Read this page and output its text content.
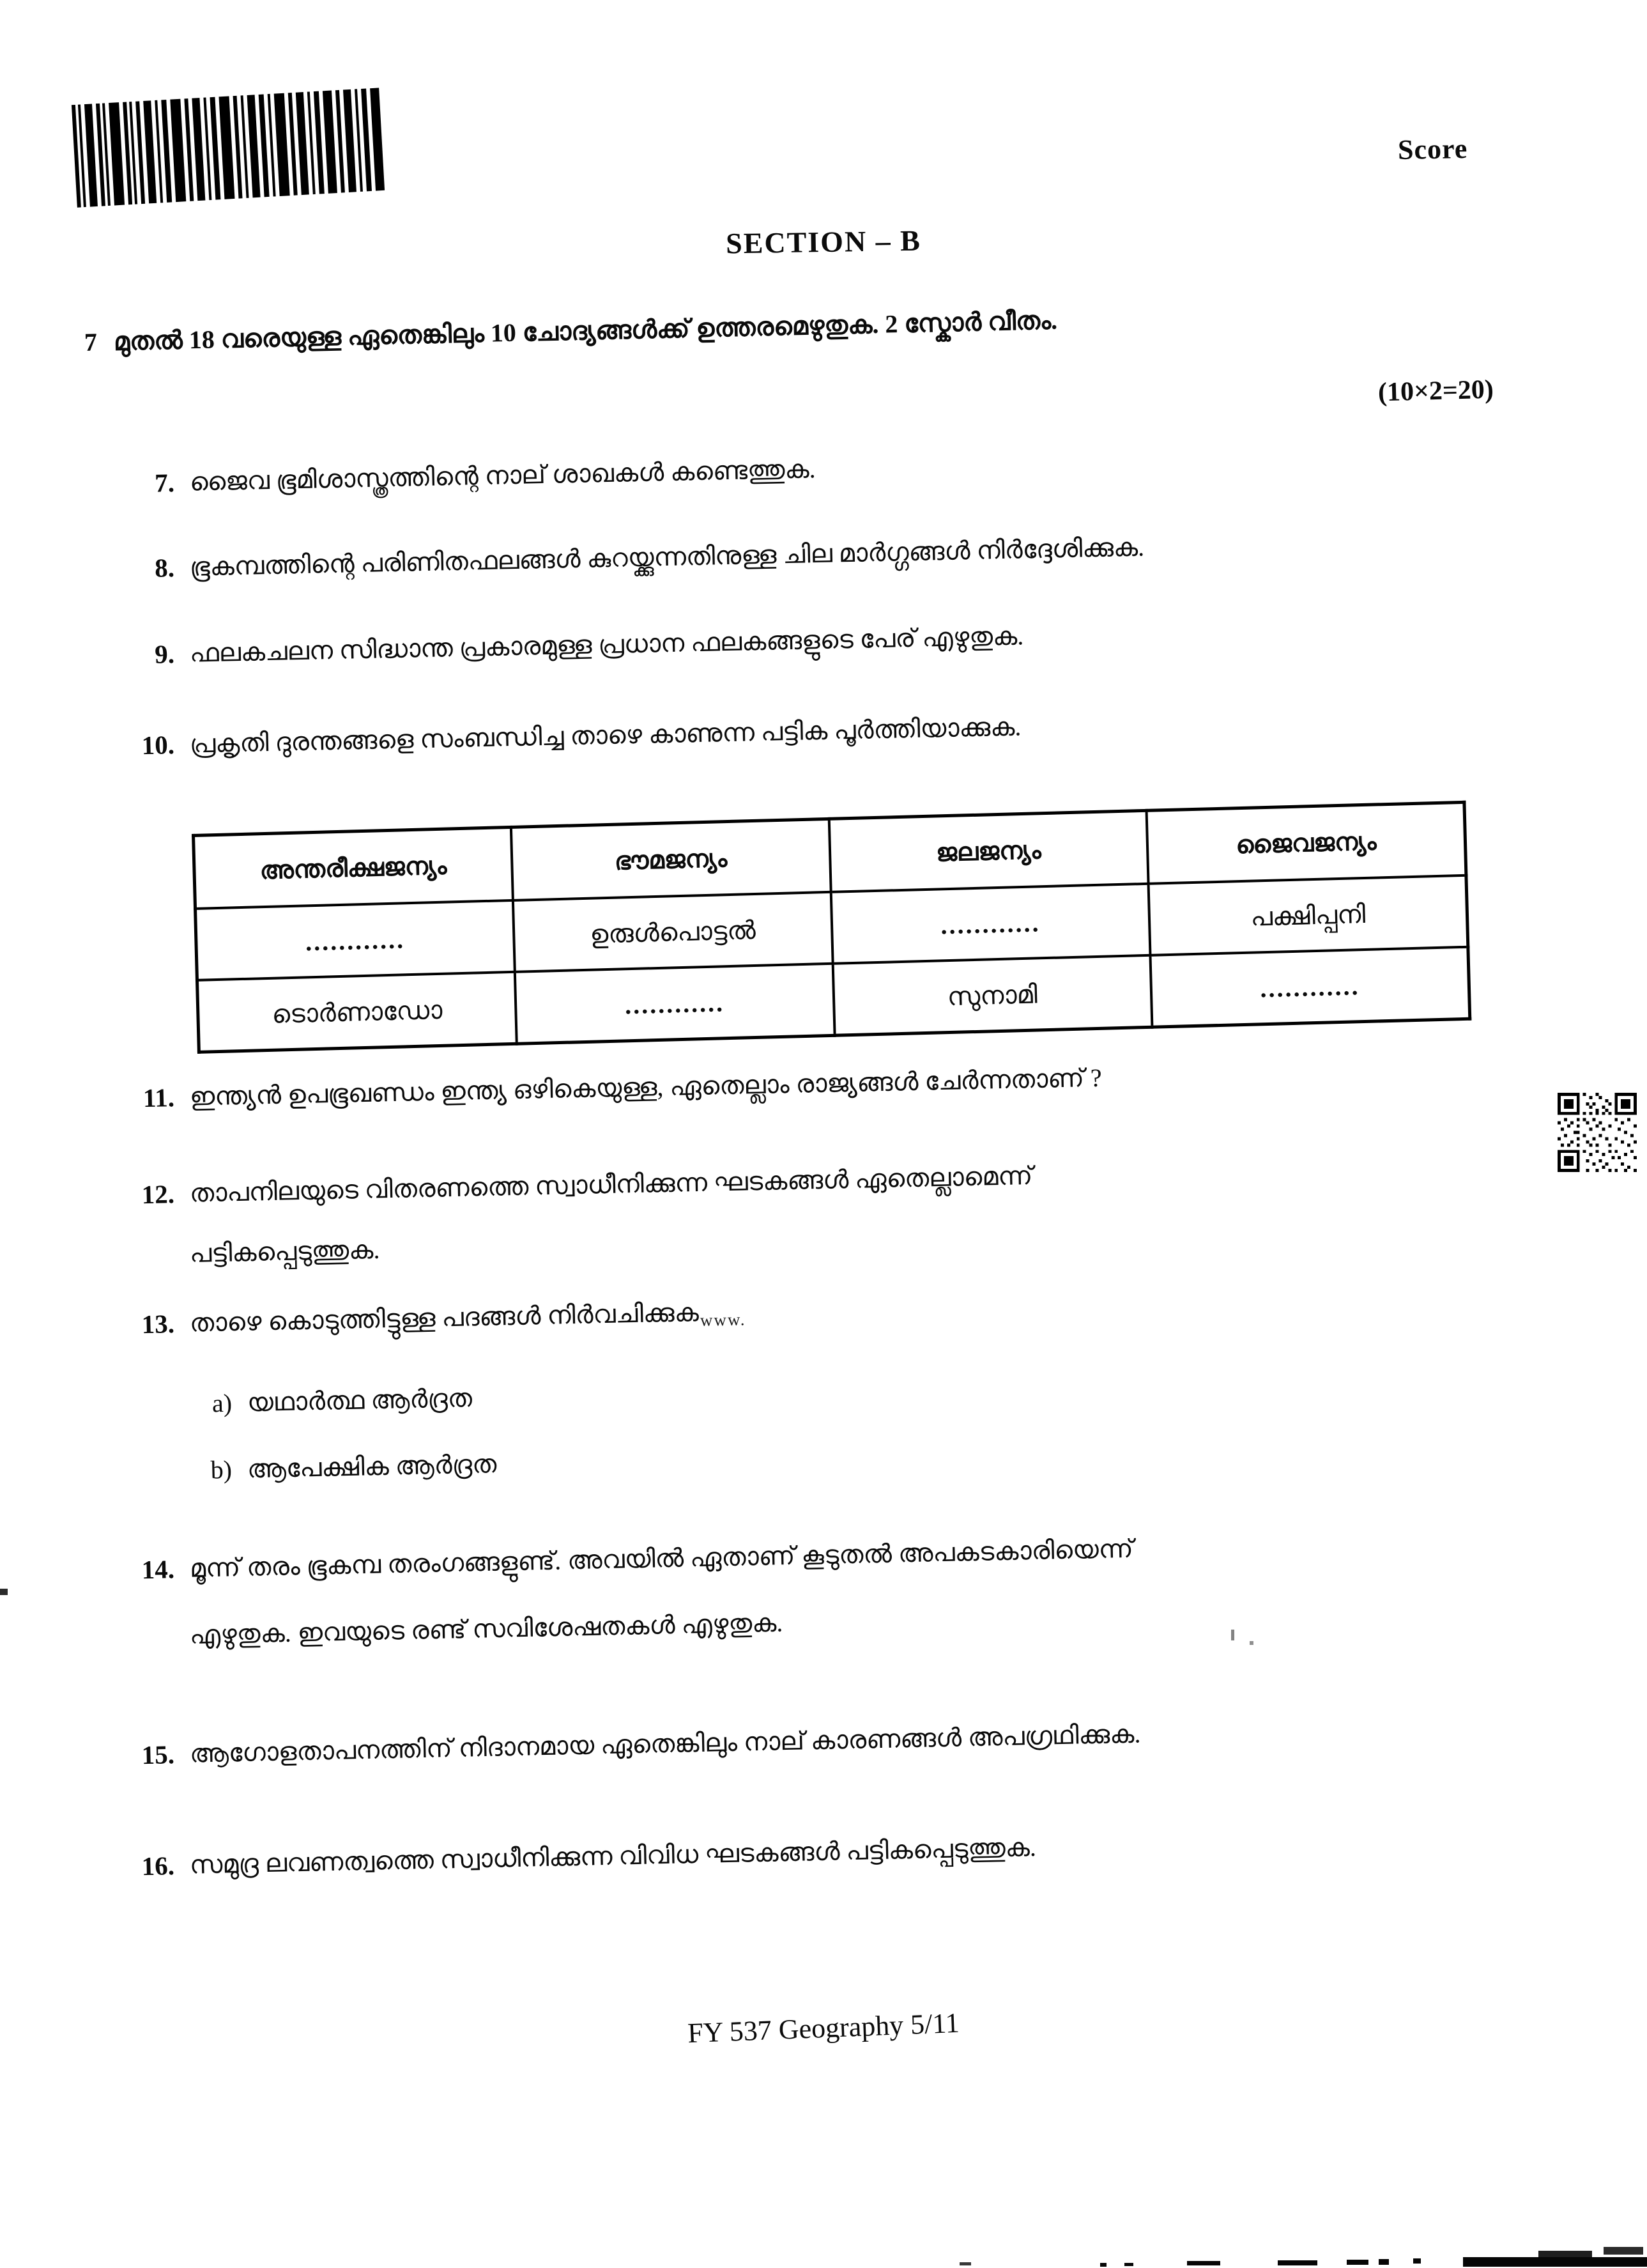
Score
SECTION – B
7 മുതൽ 18 വരെയുള്ള ഏതെങ്കിലും 10 ചോദ്യങ്ങൾക്ക് ഉത്തരമെഴുതുക. 2 സ്കോർ വീതം.
(10×2=20)
7. ജൈവ ഭൂമിശാസ്ത്രത്തിന്റെ നാല് ശാഖകൾ കണ്ടെത്തുക.
8. ഭൂകമ്പത്തിന്റെ പരിണിതഫലങ്ങൾ കുറയ്ക്കുന്നതിനുള്ള ചില മാർഗ്ഗങ്ങൾ നിർദ്ദേശിക്കുക.
9. ഫലകചലന സിദ്ധാന്ത പ്രകാരമുള്ള പ്രധാന ഫലകങ്ങളുടെ പേര് എഴുതുക.
10. പ്രകൃതി ദുരന്തങ്ങളെ സംബന്ധിച്ച താഴെ കാണുന്ന പട്ടിക പൂർത്തിയാക്കുക.
അന്തരീക്ഷജന്യം	ഭൗമജന്യം	ജലജന്യം	ജൈവജന്യം
............	ഉരുൾപൊട്ടൽ	............	പക്ഷിപ്പനി
ടൊർണാഡോ	............	സുനാമി	............
11. ഇന്ത്യൻ ഉപഭൂഖണ്ഡം ഇന്ത്യ ഒഴികെയുള്ള, ഏതെല്ലാം രാജ്യങ്ങൾ ചേർന്നതാണ് ?
12. താപനിലയുടെ വിതരണത്തെ സ്വാധീനിക്കുന്ന ഘടകങ്ങൾ ഏതെല്ലാമെന്ന്
പട്ടികപ്പെടുത്തുക.
13. താഴെ കൊടുത്തിട്ടുള്ള പദങ്ങൾ നിർവചിക്കുക$_{www.}$
a) യഥാർത്ഥ ആർദ്രത
b) ആപേക്ഷിക ആർദ്രത
14. മൂന്ന് തരം ഭൂകമ്പ തരംഗങ്ങളുണ്ട്. അവയിൽ ഏതാണ് കൂടുതൽ അപകടകാരിയെന്ന്
എഴുതുക. ഇവയുടെ രണ്ട് സവിശേഷതകൾ എഴുതുക.
15. ആഗോളതാപനത്തിന് നിദാനമായ ഏതെങ്കിലും നാല് കാരണങ്ങൾ അപഗ്രഥിക്കുക.
16. സമുദ്ര ലവണത്വത്തെ സ്വാധീനിക്കുന്ന വിവിധ ഘടകങ്ങൾ പട്ടികപ്പെടുത്തുക.
FY 537 Geography 5/11
